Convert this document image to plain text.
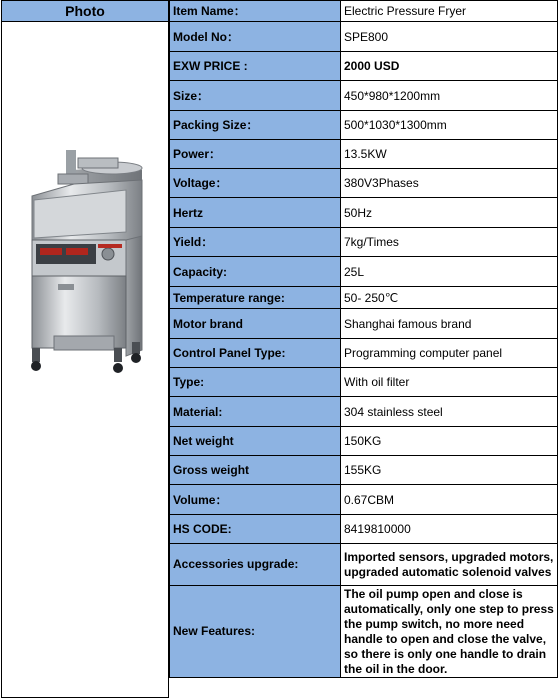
Photo	Item Name：	Electric Pressure Fryer
Model No：	SPE800
EXW PRICE :	2000 USD
Size：	450*980*1200mm
Packing Size：	500*1030*1300mm
Power：	13.5KW
Voltage：	380V3Phases
Hertz	50Hz
Yield：	7kg/Times
Capacity:	25L
Temperature range:	50- 250℃
Motor brand	Shanghai famous brand
Control Panel Type:	Programming computer panel
Type:	With oil filter
Material:	304 stainless steel
Net weight	150KG
Gross weight	155KG
Volume：	0.67CBM
HS CODE:	8419810000
Accessories upgrade:	Imported sensors, upgraded motors, upgraded automatic solenoid valves
New Features:	The oil pump open and close is automatically, only one step to press the pump switch, no more need handle to open and close the valve, so there is only one handle to drain the oil in the door.
